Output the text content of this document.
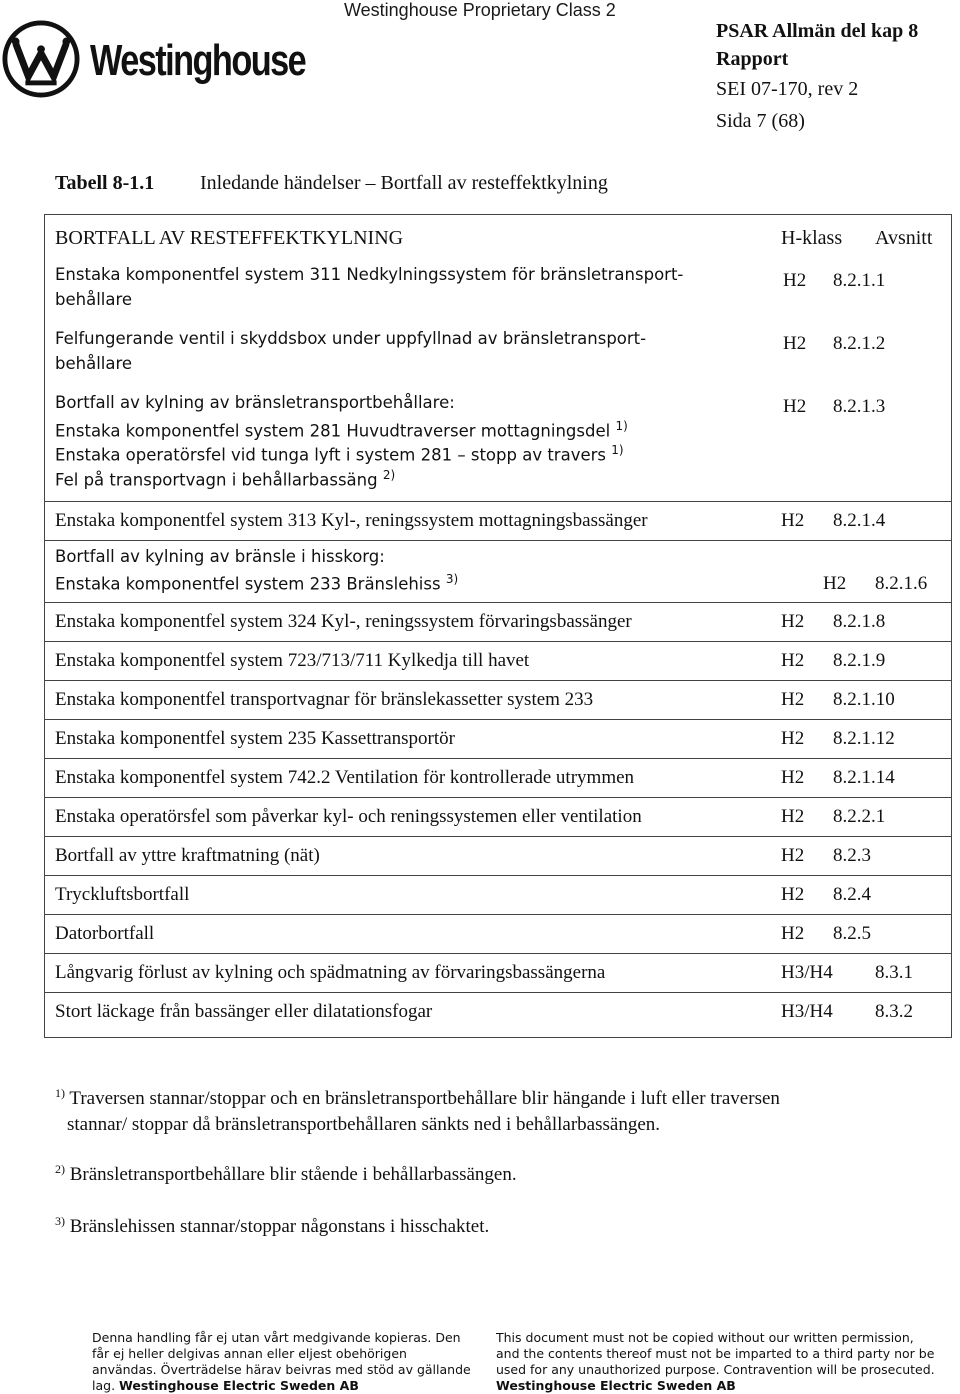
Westinghouse Proprietary Class 2
Westinghouse
PSAR Allmän del kap 8
Rapport
SEI 07-170, rev 2
Sida 7 (68)
Tabell 8-1.1 Inledande händelser – Bortfall av resteffektkylning
BORTFALL AV RESTEFFEKTKYLNING	H-klass Avsnitt
Enstaka komponentfel system 311 Nedkylningssystem för bränsletransport-
behållare
H2 8.2.1.1
Felfungerande ventil i skyddsbox under uppfyllnad av bränsletransport-
behållare
H2 8.2.1.2
Bortfall av kylning av bränsletransportbehållare:
Enstaka komponentfel system 281 Huvudtraverser mottagningsdel $^{1)}$
Enstaka operatörsfel vid tunga lyft i system 281 – stopp av travers $^{1)}$
Fel på transportvagn i behållarbassäng $^{2)}$
H2 8.2.1.3
Enstaka komponentfel system 313 Kyl-, reningssystem mottagningsbassänger	H2 8.2.1.4
Bortfall av kylning av bränsle i hisskorg:
Enstaka komponentfel system 233 Bränslehiss $^{3)}$	H2 8.2.1.6
Enstaka komponentfel system 324 Kyl-, reningssystem förvaringsbassänger	H2 8.2.1.8
Enstaka komponentfel system 723/713/711 Kylkedja till havet	H2 8.2.1.9
Enstaka komponentfel transportvagnar för bränslekassetter system 233	H2 8.2.1.10
Enstaka komponentfel system 235 Kassettransportör	H2 8.2.1.12
Enstaka komponentfel system 742.2 Ventilation för kontrollerade utrymmen	H2 8.2.1.14
Enstaka operatörsfel som påverkar kyl- och reningssystemen eller ventilation	H2 8.2.2.1
Bortfall av yttre kraftmatning (nät)	H2 8.2.3
Tryckluftsbortfall	H2 8.2.4
Datorbortfall	H2 8.2.5
Långvarig förlust av kylning och spädmatning av förvaringsbassängerna	H3/H4 8.3.1
Stort läckage från bassänger eller dilatationsfogar	H3/H4 8.3.2
$^{1)}$ Traversen stannar/stoppar och en bränsletransportbehållare blir hängande i luft eller traversen
stannar/ stoppar då bränsletransportbehållaren sänkts ned i behållarbassängen.
$^{2)}$ Bränsletransportbehållare blir stående i behållarbassängen.
$^{3)}$ Bränslehissen stannar/stoppar någonstans i hisschaktet.
Denna handling får ej utan vårt medgivande kopieras. Den får ej heller delgivas annan eller eljest obehörigen användas. Överträdelse härav beivras med stöd av gällande lag. Westinghouse Electric Sweden AB
This document must not be copied without our written permission, and the contents thereof must not be imparted to a third party nor be used for any unauthorized purpose. Contravention will be prosecuted. Westinghouse Electric Sweden AB
